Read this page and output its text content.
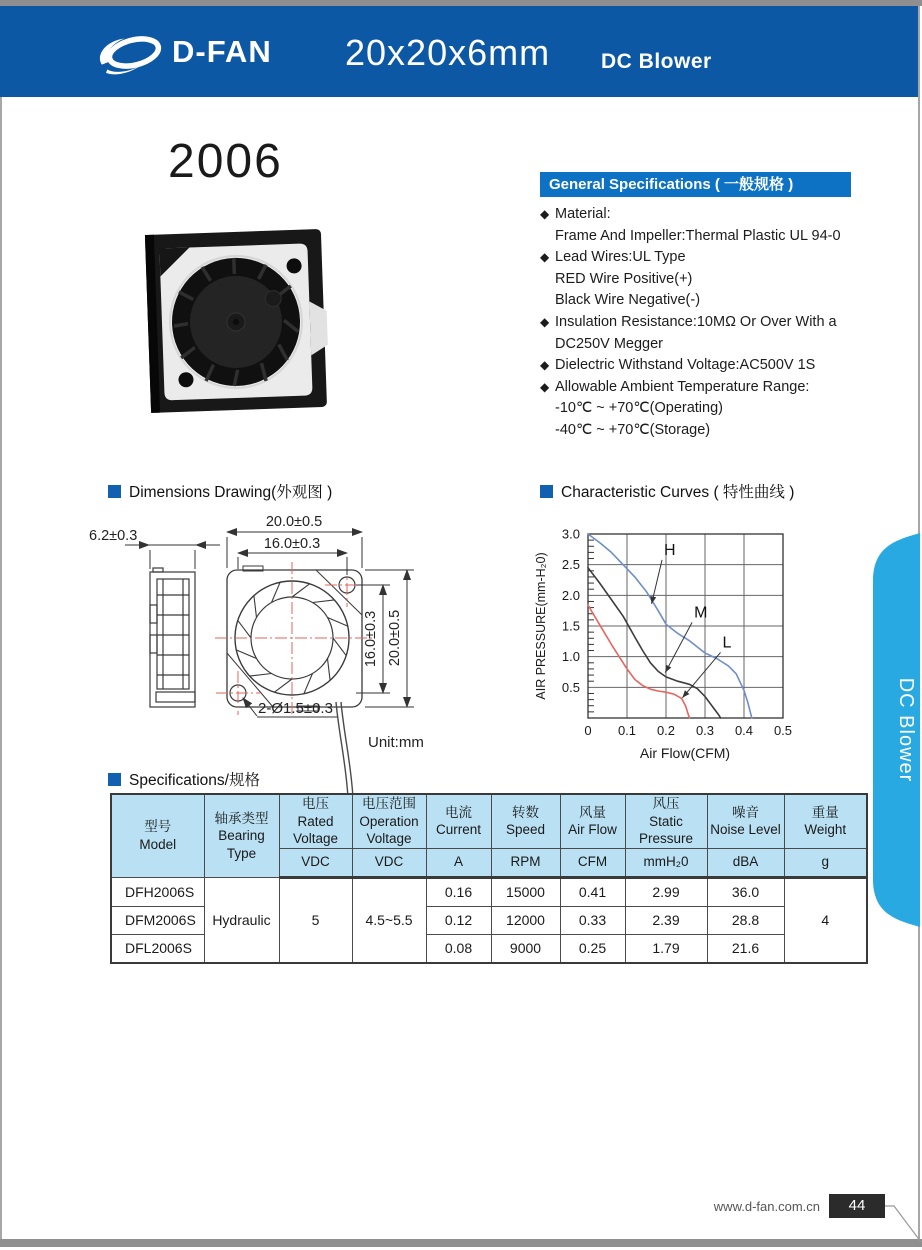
D-FAN 20x20x6mm DC Blower
2006	General Specifications ( 一般规格 )
◆ Material:
Frame And Impeller:Thermal Plastic UL 94-0
◆ Lead Wires:UL Type
RED Wire Positive(+)
Black Wire Negative(-)
◆ Insulation Resistance:10MΩ Or Over With a
DC250V Megger
◆ Dielectric Withstand Voltage:AC500V 1S
◆ Allowable Ambient Temperature Range:
-10℃ ~ +70℃(Operating)
-40℃ ~ +70℃(Storage)
Dimensions Drawing(外观图 )	Characteristic Curves ( 特性曲线 )
6.2±0.3
20.0±0.5
16.0±0.3
16.0±0.3 20.0±0.5
2-Ø1.5±0.3
Unit:mm
0 0.1 0.2 0.3 0.4 0.5
0.5
1.0
1.5
2.0
2.5
3.0
H
M
L
Air Flow(CFM)
AIR PRESSURE(mm-H₂0)
DC Blower
Specifications/规格
型号
Model

轴承类型
Bearing Type

电压
Rated Voltage

电压范围
Operation Voltage

电流
Current

转数
Speed

风量
Air Flow

风压
Static Pressure

噪音
Noise Level

重量
Weight

		VDC	VDC	A	RPM	CFM	mmH₂0	dBA	g
DFH2006S	Hydraulic	5	4.5~5.5	0.16	15000	0.41	2.99	36.0	4
DFM2006S				0.12	12000	0.33	2.39	28.8	
DFL2006S				0.08	9000	0.25	1.79	21.6	
www.d-fan.com.cn	44
